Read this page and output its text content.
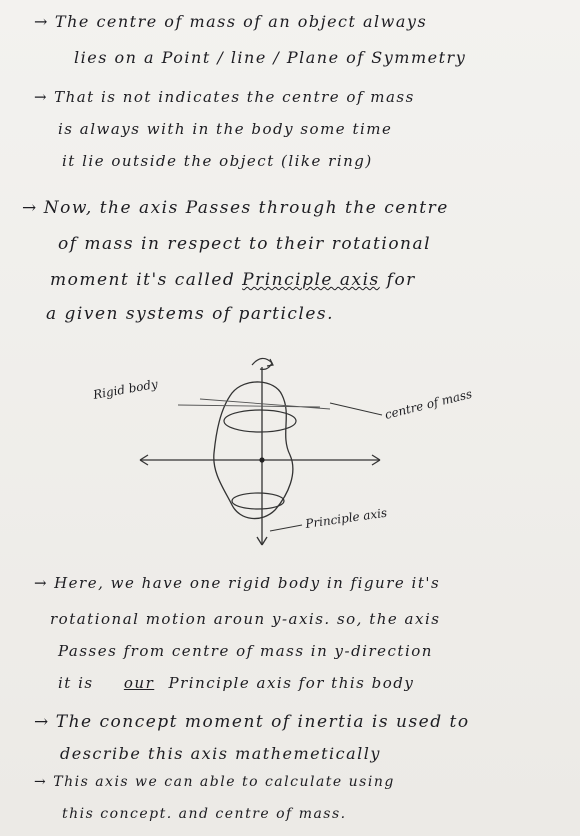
→ The centre of mass of an object always
lies on a Point / line / Plane of Symmetry
→ That is not indicates the centre of mass
is always with in the body some time
it lie outside the object (like ring)
→ Now, the axis Passes through the centre
of mass in respect to their rotational
moment it's called Principle axis for
a given systems of particles.
Rigid body	centre of mass
Principle axis
→ Here, we have one rigid body in figure it's
rotational motion aroun y-axis. so, the axis
Passes from centre of mass in y-direction
it is our Principle axis for this body
→ The concept moment of inertia is used to
describe this axis mathemetically
→ This axis we can able to calculate using
this concept. and centre of mass.
